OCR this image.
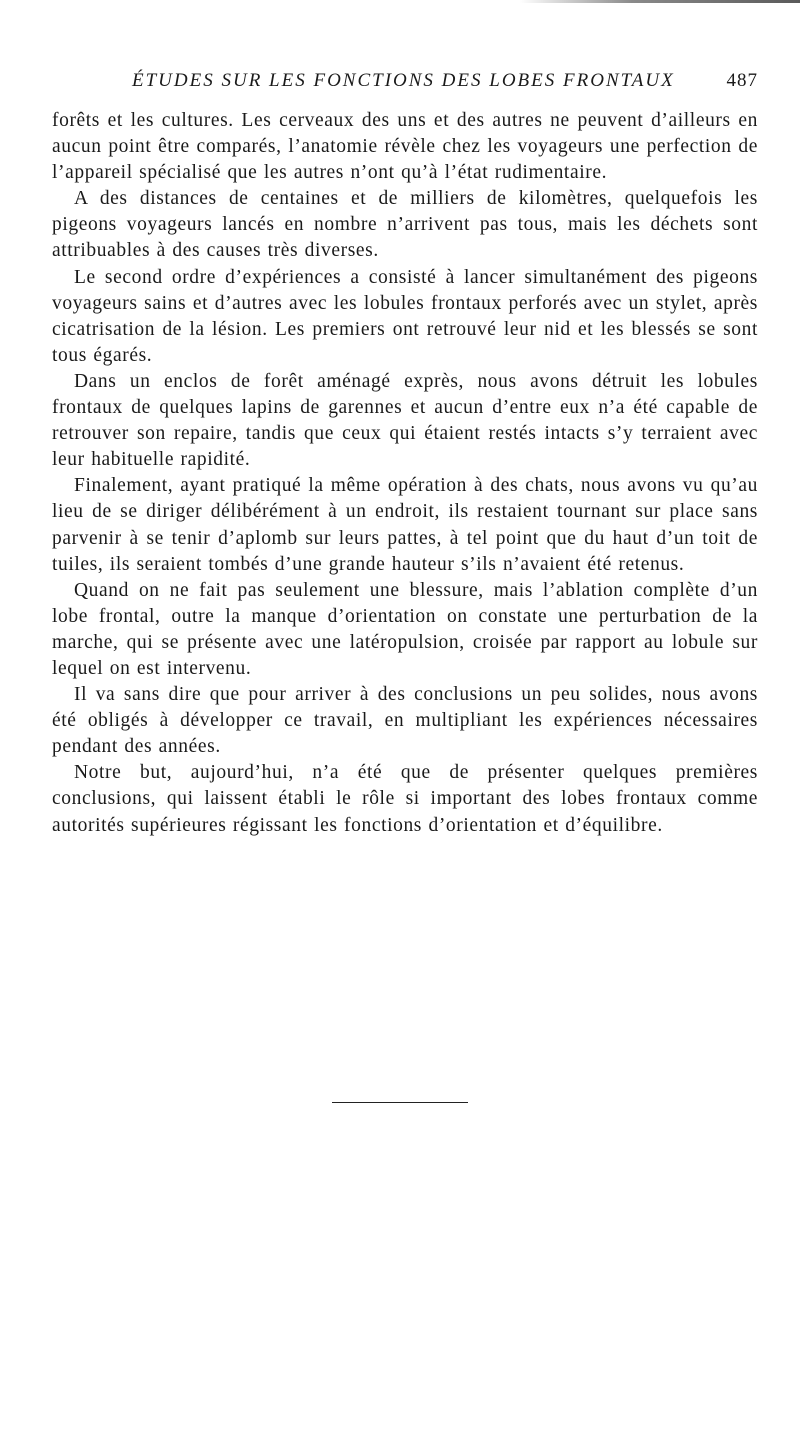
ÉTUDES SUR LES FONCTIONS DES LOBES FRONTAUX	487

forêts et les cultures. Les cerveaux des uns et des autres ne peuvent d’ailleurs en aucun point être comparés, l’anatomie révèle chez les voyageurs une perfection de l’appareil spécialisé que les autres n’ont qu’à l’état rudimentaire.

A des distances de centaines et de milliers de kilomètres, quelquefois les pigeons voyageurs lancés en nombre n’arrivent pas tous, mais les déchets sont attribuables à des causes très diverses.

Le second ordre d’expériences a consisté à lancer simultanément des pigeons voyageurs sains et d’autres avec les lobules frontaux perforés avec un stylet, après cicatrisation de la lésion. Les premiers ont retrouvé leur nid et les blessés se sont tous égarés.

Dans un enclos de forêt aménagé exprès, nous avons détruit les lobules frontaux de quelques lapins de garennes et aucun d’entre eux n’a été capable de retrouver son repaire, tandis que ceux qui étaient restés intacts s’y terraient avec leur habituelle rapidité.

Finalement, ayant pratiqué la même opération à des chats, nous avons vu qu’au lieu de se diriger délibérément à un endroit, ils restaient tournant sur place sans parvenir à se tenir d’aplomb sur leurs pattes, à tel point que du haut d’un toit de tuiles, ils seraient tombés d’une grande hauteur s’ils n’avaient été retenus.

Quand on ne fait pas seulement une blessure, mais l’ablation complète d’un lobe frontal, outre la manque d’orientation on constate une perturbation de la marche, qui se présente avec une latéropulsion, croisée par rapport au lobule sur lequel on est intervenu.

Il va sans dire que pour arriver à des conclusions un peu solides, nous avons été obligés à développer ce travail, en multipliant les expériences nécessaires pendant des années.

Notre but, aujourd’hui, n’a été que de présenter quelques premières conclusions, qui laissent établi le rôle si important des lobes frontaux comme autorités supérieures régissant les fonctions d’orientation et d’équilibre.
